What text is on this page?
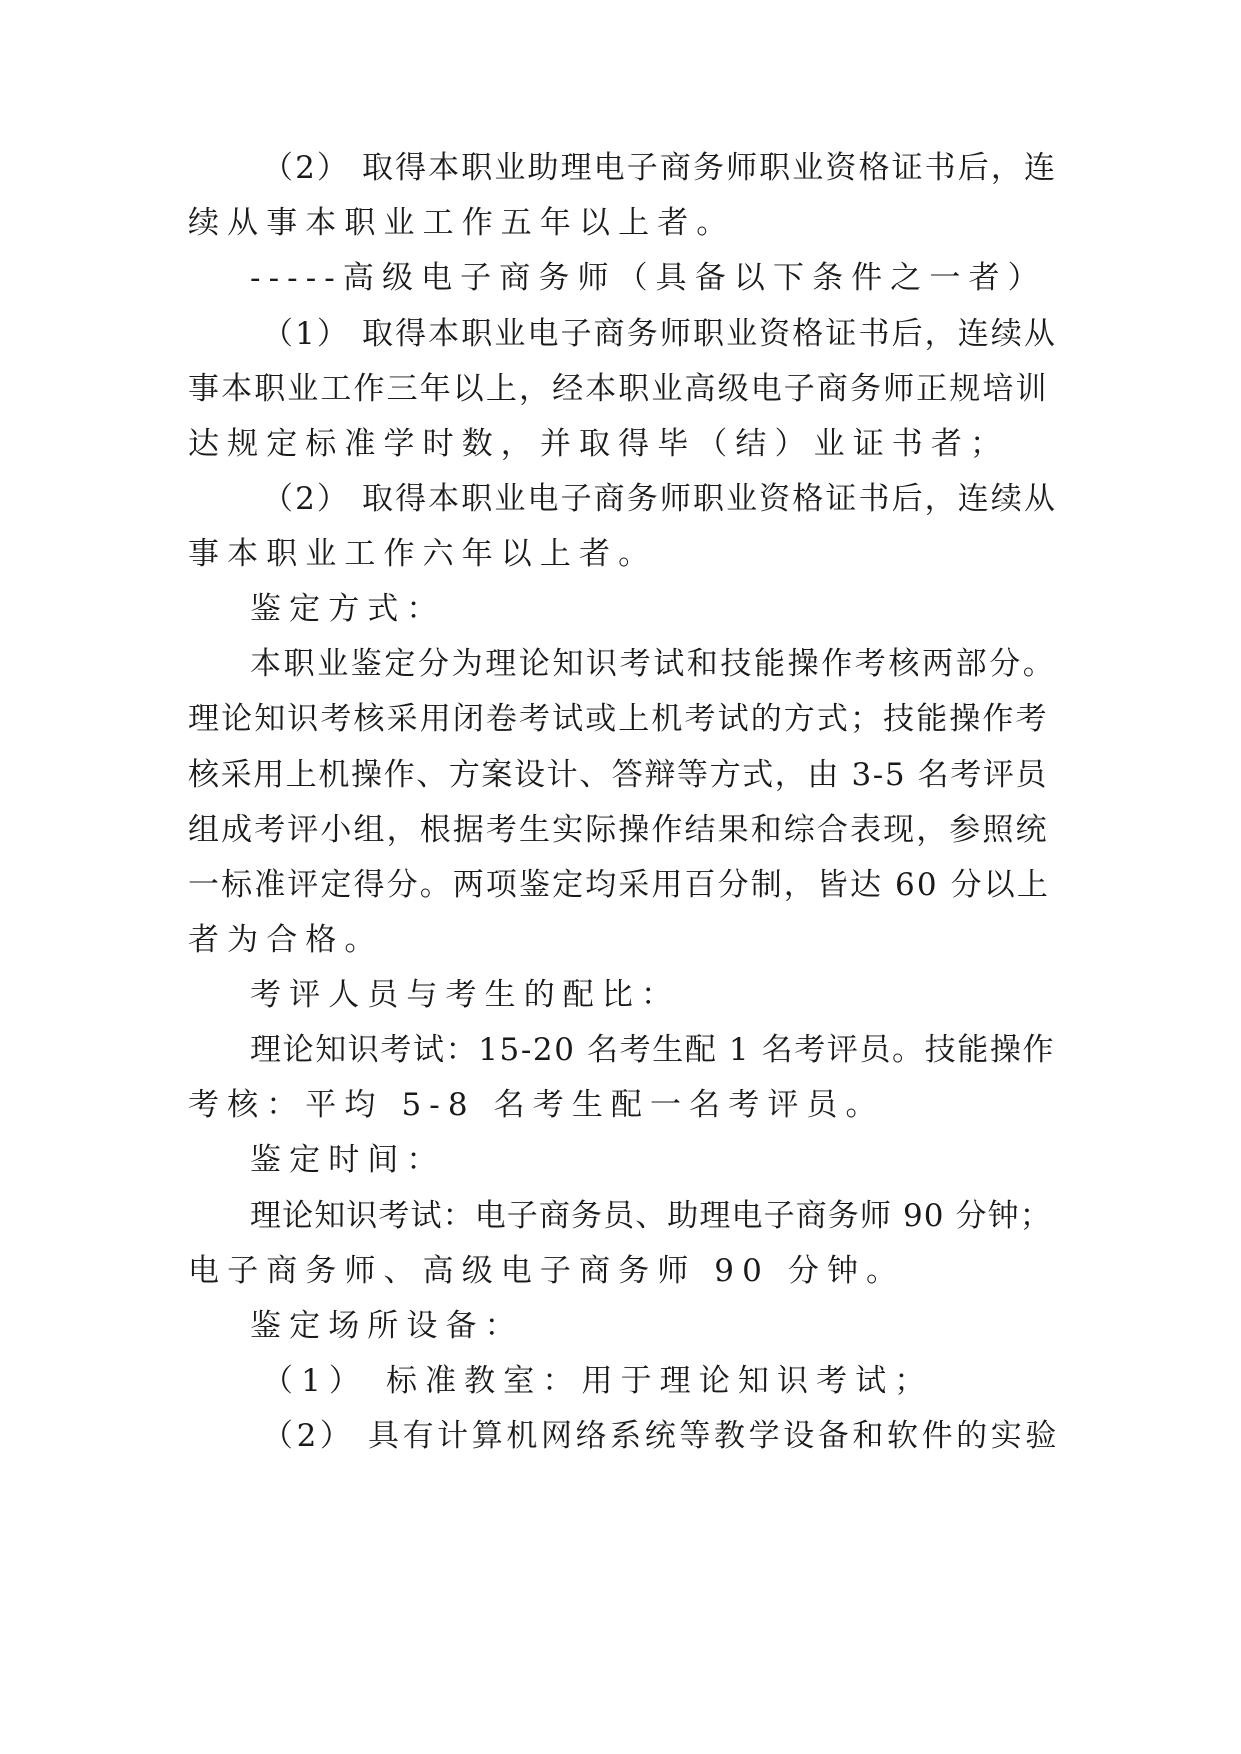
（2） 取得本职业助理电子商务师职业资格证书后，连
续从事本职业工作五年以上者。
-----高级电子商务师（具备以下条件之一者）
（1） 取得本职业电子商务师职业资格证书后，连续从
事本职业工作三年以上，经本职业高级电子商务师正规培训
达规定标准学时数，并取得毕（结）业证书者；
（2） 取得本职业电子商务师职业资格证书后，连续从
事本职业工作六年以上者。
鉴定方式：
本职业鉴定分为理论知识考试和技能操作考核两部分。
理论知识考核采用闭卷考试或上机考试的方式；技能操作考
核采用上机操作、方案设计、答辩等方式，由 3-5 名考评员
组成考评小组，根据考生实际操作结果和综合表现，参照统
一标准评定得分。两项鉴定均采用百分制，皆达 60 分以上
者为合格。
考评人员与考生的配比：
理论知识考试：15-20 名考生配 1 名考评员。技能操作
考核：平均 5-8 名考生配一名考评员。
鉴定时间：
理论知识考试：电子商务员、助理电子商务师 90 分钟；
电子商务师、高级电子商务师 90 分钟。
鉴定场所设备：
（1） 标准教室：用于理论知识考试；
（2） 具有计算机网络系统等教学设备和软件的实验
